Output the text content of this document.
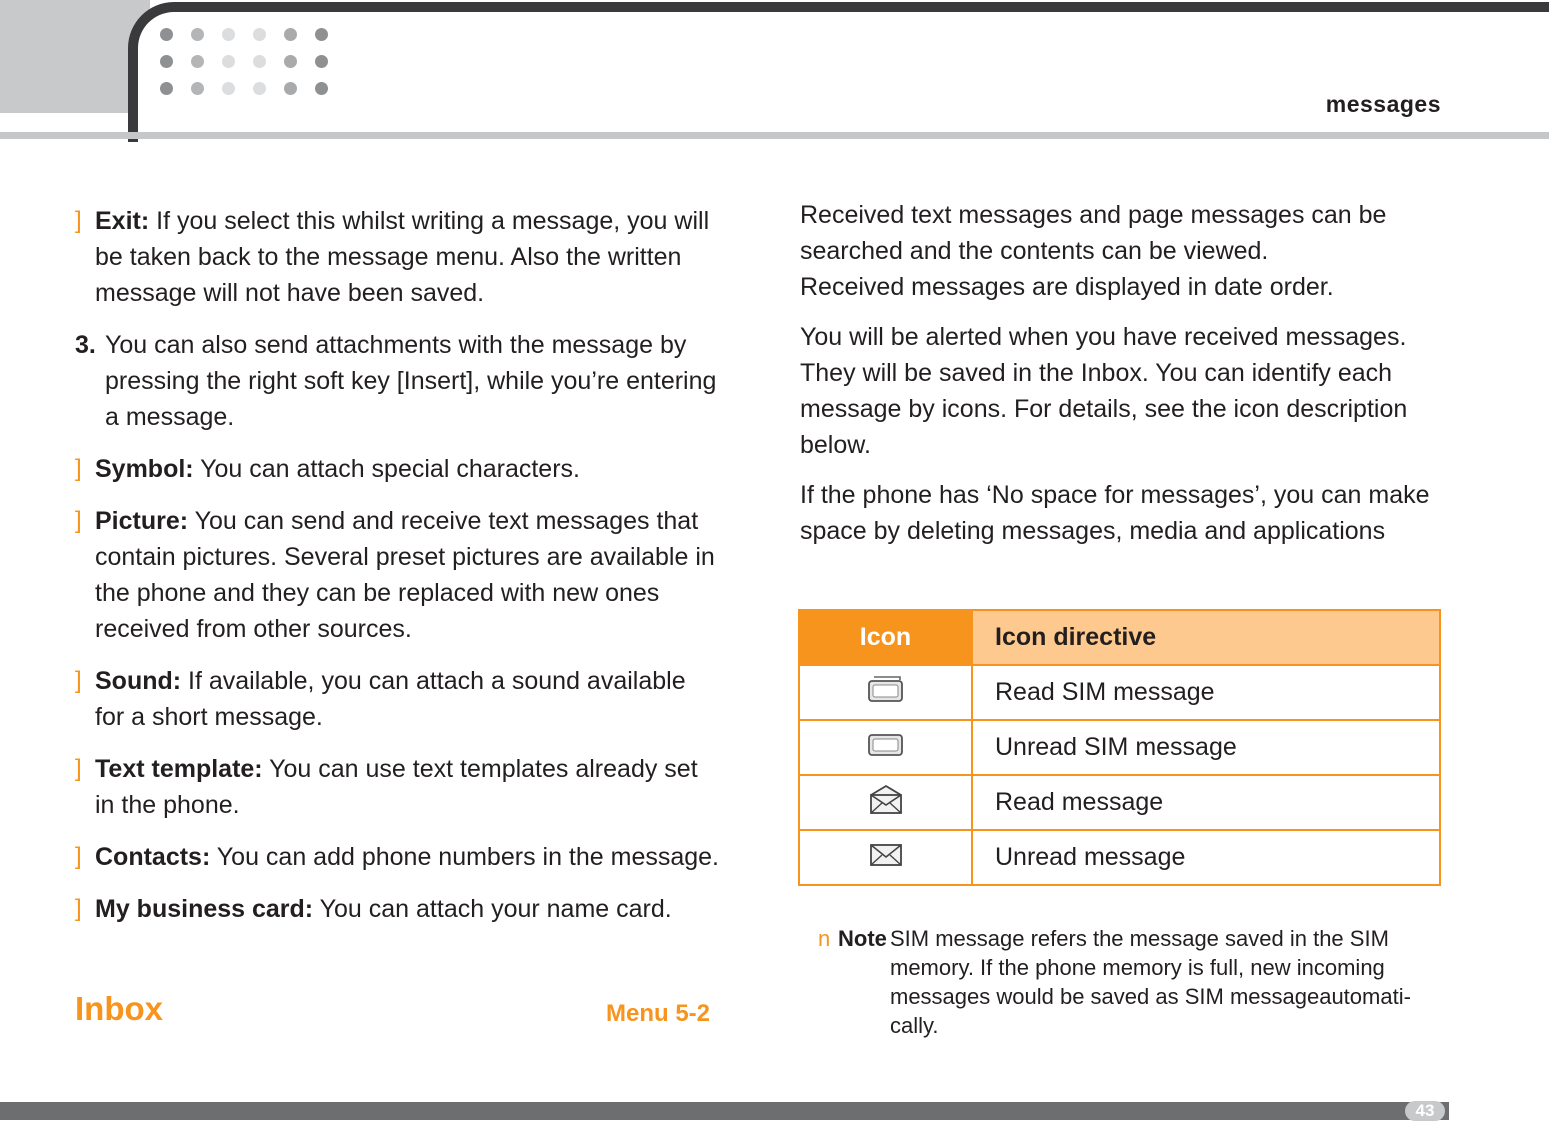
messages
] Exit: If you select this whilst writing a message, you will be taken back to the message menu. Also the written message will not have been saved.
3. You can also send attachments with the message by pressing the right soft key [Insert], while you’re entering a message.
] Symbol: You can attach special characters.
] Picture: You can send and receive text messages that contain pictures. Several preset pictures are available in the phone and they can be replaced with new ones received from other sources.
] Sound: If available, you can attach a sound available for a short message.
] Text template: You can use text templates already set in the phone.
] Contacts: You can add phone numbers in the message.
] My business card: You can attach your name card.
Inbox	Menu 5-2

Received text messages and page messages can be searched and the contents can be viewed.
Received messages are displayed in date order.

You will be alerted when you have received messages. They will be saved in the Inbox. You can identify each message by icons. For details, see the icon description below.

If the phone has ‘No space for messages’, you can make space by deleting messages, media and applications

Icon	Icon directive
	Read SIM message
	Unread SIM message
	Read message
	Unread message
n Note SIM message refers the message saved in the SIM memory. If the phone memory is full, new incoming messages would be saved as SIM messageautomati-cally.
43
